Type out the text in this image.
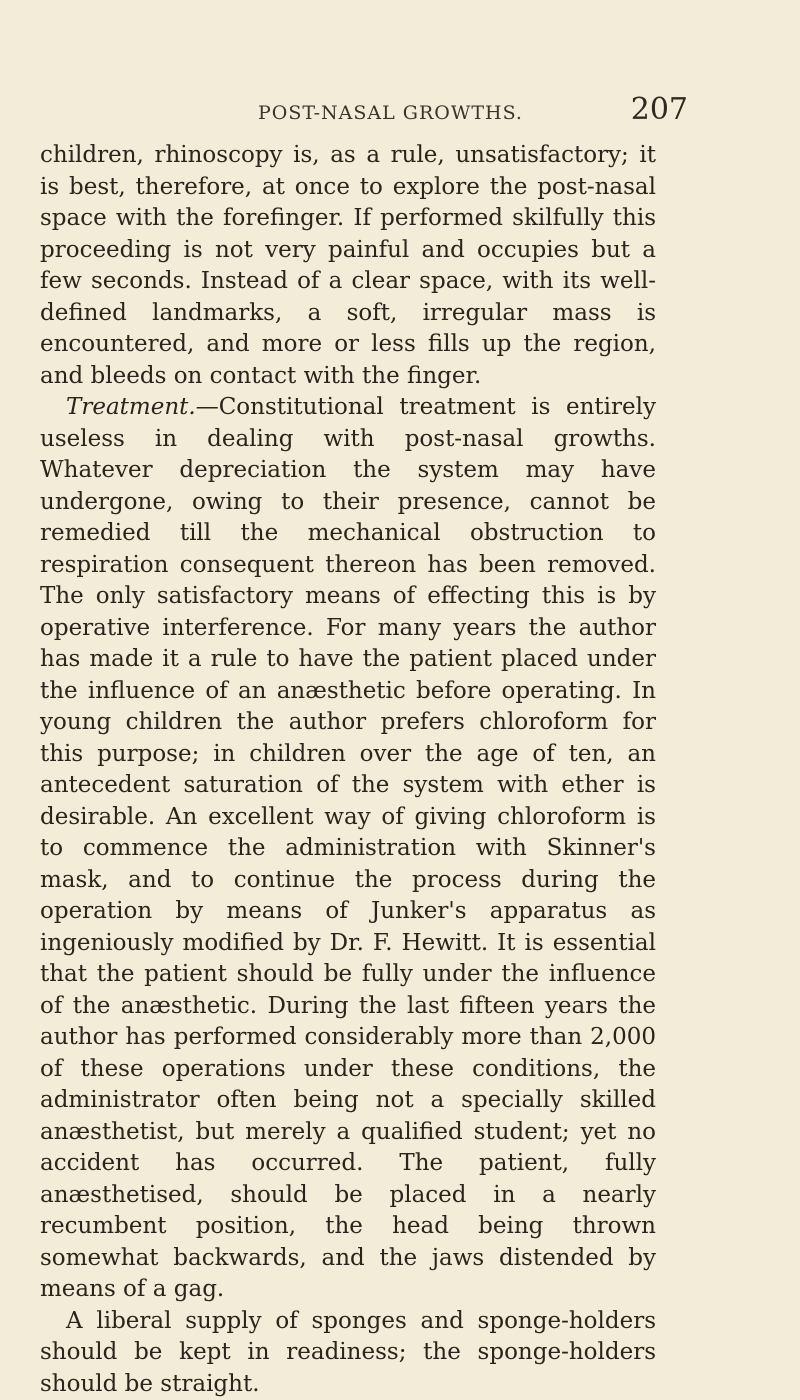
POST-NASAL GROWTHS.	207

children, rhinoscopy is, as a rule, unsatisfactory; it is best, therefore, at once to explore the post-nasal space with the forefinger. If performed skilfully this proceeding is not very painful and occupies but a few seconds. Instead of a clear space, with its well-defined landmarks, a soft, irregular mass is encountered, and more or less fills up the region, and bleeds on contact with the finger.

Treatment.—Constitutional treatment is entirely useless in dealing with post-nasal growths. Whatever depreciation the system may have undergone, owing to their presence, cannot be remedied till the mechanical obstruction to respiration consequent thereon has been removed. The only satisfactory means of effecting this is by operative interference. For many years the author has made it a rule to have the patient placed under the influence of an anæsthetic before operating. In young children the author prefers chloroform for this purpose; in children over the age of ten, an antecedent saturation of the system with ether is desirable. An excellent way of giving chloroform is to commence the administration with Skinner's mask, and to continue the process during the operation by means of Junker's apparatus as ingeniously modified by Dr. F. Hewitt. It is essential that the patient should be fully under the influence of the anæsthetic. During the last fifteen years the author has performed considerably more than 2,000 of these operations under these conditions, the administrator often being not a specially skilled anæsthetist, but merely a qualified student; yet no accident has occurred. The patient, fully anæsthetised, should be placed in a nearly recumbent position, the head being thrown somewhat backwards, and the jaws distended by means of a gag.

A liberal supply of sponges and sponge-holders should be kept in readiness; the sponge-holders should be straight.
